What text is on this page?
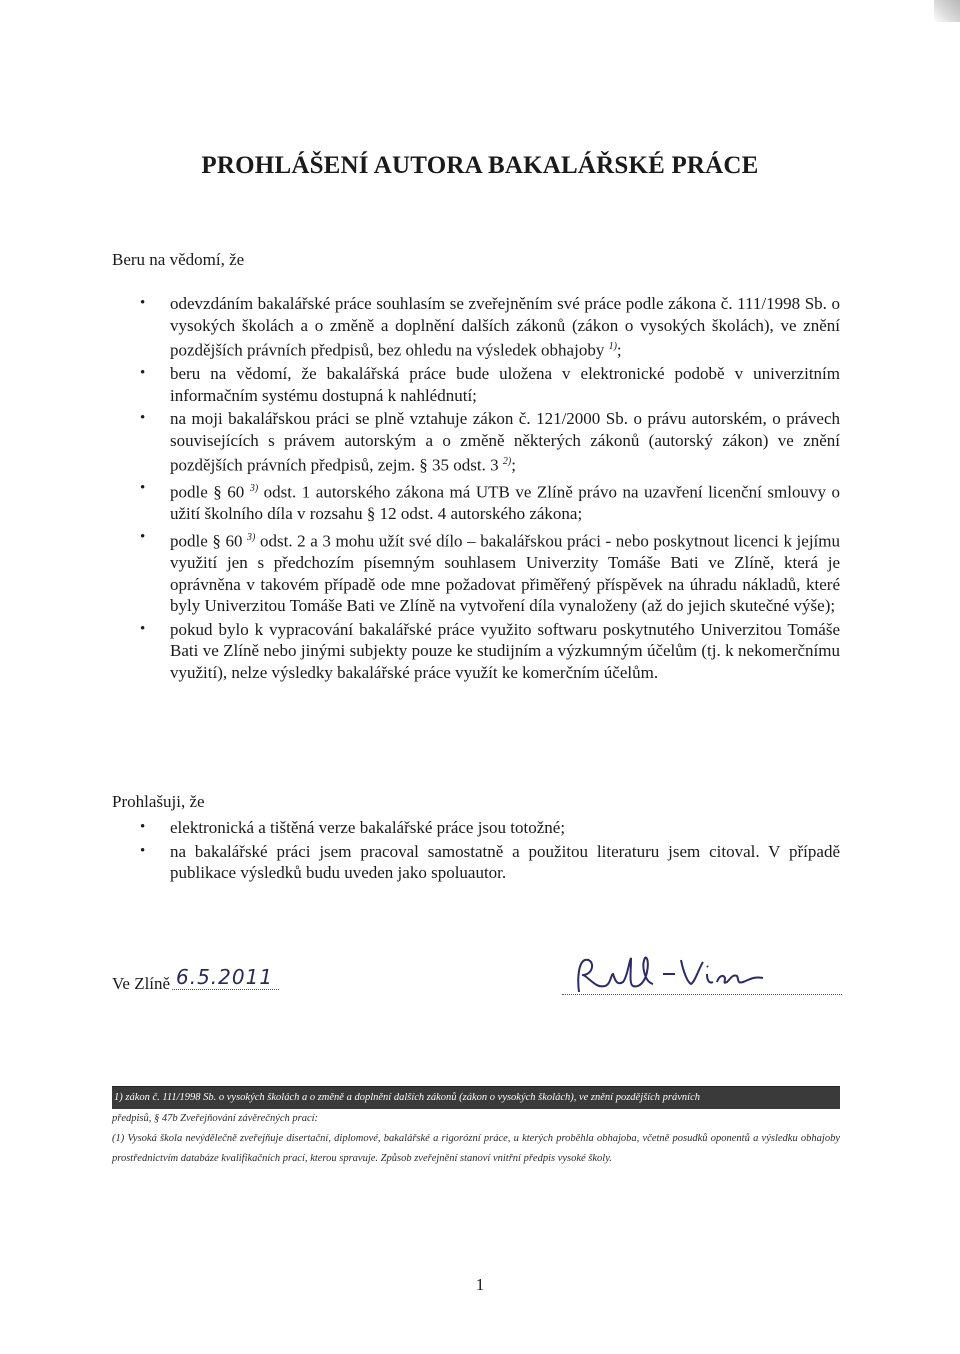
PROHLÁŠENÍ AUTORA BAKALÁŘSKÉ PRÁCE

Beru na vědomí, že

• odevzdáním bakalářské práce souhlasím se zveřejněním své práce podle zákona č. 111/1998 Sb. o vysokých školách a o změně a doplnění dalších zákonů (zákon o vysokých školách), ve znění pozdějších právních předpisů, bez ohledu na výsledek obhajoby $^{1)}$;
• beru na vědomí, že bakalářská práce bude uložena v elektronické podobě v univerzitním informačním systému dostupná k nahlédnutí;
• na moji bakalářskou práci se plně vztahuje zákon č. 121/2000 Sb. o právu autorském, o právech souvisejících s právem autorským a o změně některých zákonů (autorský zákon) ve znění pozdějších právních předpisů, zejm. § 35 odst. 3 $^{2)}$;
• podle § 60 $^{3)}$ odst. 1 autorského zákona má UTB ve Zlíně právo na uzavření licenční smlouvy o užití školního díla v rozsahu § 12 odst. 4 autorského zákona;
• podle § 60 $^{3)}$ odst. 2 a 3 mohu užít své dílo – bakalářskou práci - nebo poskytnout licenci k jejímu využití jen s předchozím písemným souhlasem Univerzity Tomáše Bati ve Zlíně, která je oprávněna v takovém případě ode mne požadovat přiměřený příspěvek na úhradu nákladů, které byly Univerzitou Tomáše Bati ve Zlíně na vytvoření díla vynaloženy (až do jejich skutečné výše);
• pokud bylo k vypracování bakalářské práce využito softwaru poskytnutého Univerzitou Tomáše Bati ve Zlíně nebo jinými subjekty pouze ke studijním a výzkumným účelům (tj. k nekomerčnímu využití), nelze výsledky bakalářské práce využít ke komerčním účelům.

Prohlašuji, že

• elektronická a tištěná verze bakalářské práce jsou totožné;
• na bakalářské práci jsem pracoval samostatně a použitou literaturu jsem citoval. V případě publikace výsledků budu uveden jako spoluautor.
Ve Zlíně 6.5.2011
1) zákon č. 111/1998 Sb. o vysokých školách a o změně a doplnění dalších zákonů (zákon o vysokých školách), ve znění pozdějších právních

předpisů, § 47b Zveřejňování závěrečných prací:

(1) Vysoká škola nevýdělečně zveřejňuje disertační, diplomové, bakalářské a rigorózní práce, u kterých proběhla obhajoba, včetně posudků oponentů a výsledku obhajoby prostřednictvím databáze kvalifikačních prací, kterou spravuje. Způsob zveřejnění stanoví vnitřní předpis vysoké školy.

1
